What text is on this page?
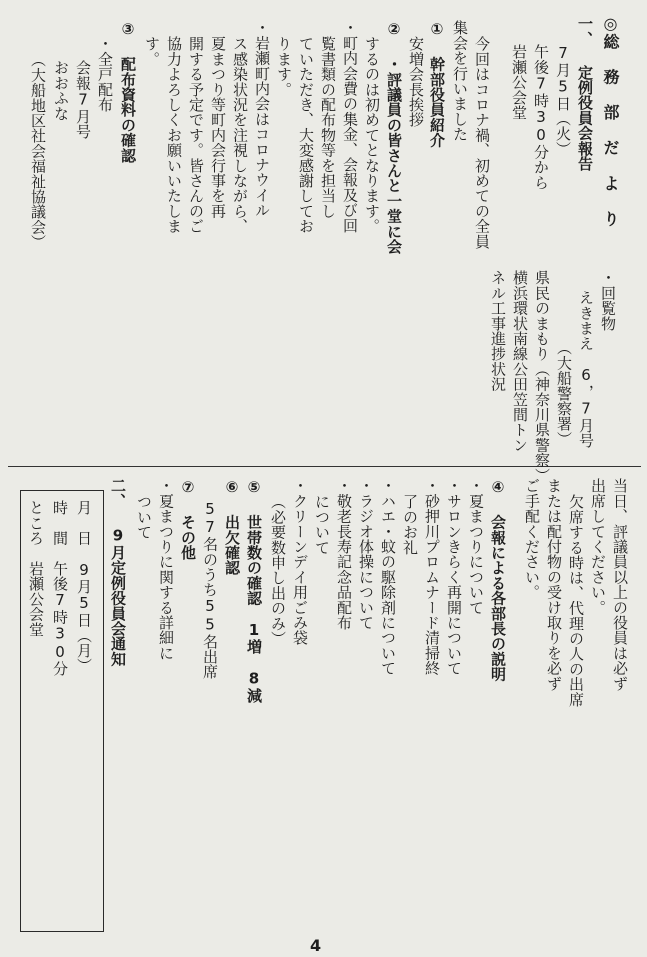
◎総 務 部 だ よ り
一、 定例役員会報告
7月5日（火）
午後7時30分から
岩瀬公会堂
今回はコロナ禍、初めての全員
集会を行いました
① 幹部役員紹介
安増会長挨拶
② ・評議員の皆さんと一堂に会
するのは初めてとなります。
・町内会費の集金、会報及び回
覧書類の配布物等を担当し
ていただき、大変感謝してお
ります。
・岩瀬町内会はコロナウイル
ス感染状況を注視しながら、
夏まつり等町内会行事を再
開する予定です。皆さんのご
協力よろしくお願いいたしま
す。
③ 配布資料の確認
・全戸配布
会報7月号
おおふな
（大船地区社会福祉協議会）
・回覧物
えきまえ　6，7月号
（大船警察署）
県民のまもり（神奈川県警察）
横浜環状南線公田笠間トン
ネル工事進捗状況
当日、評議員以上の役員は必ず
出席してください。
欠席する時は、代理の人の出席
または配付物の受け取りを必ず
ご手配ください。
④ 会報による各部長の説明
・夏まつりについて
・サロンきらく再開について
・砂押川プロムナード清掃終
了のお礼
・ハエ・蚊の駆除剤について
・ラジオ体操について
・敬老長寿記念品配布
について
・クリーンデイ用ごみ袋
（必要数申し出のみ）
⑤ 世帯数の確認　1増　8減
⑥ 出欠確認
57名のうち55名出席
⑦ その他
・夏まつりに関する詳細に
ついて
二、 9月定例役員会通知
月　日　9月5日（月）
時　間　午後7時30分
ところ　岩瀬公会堂
4
